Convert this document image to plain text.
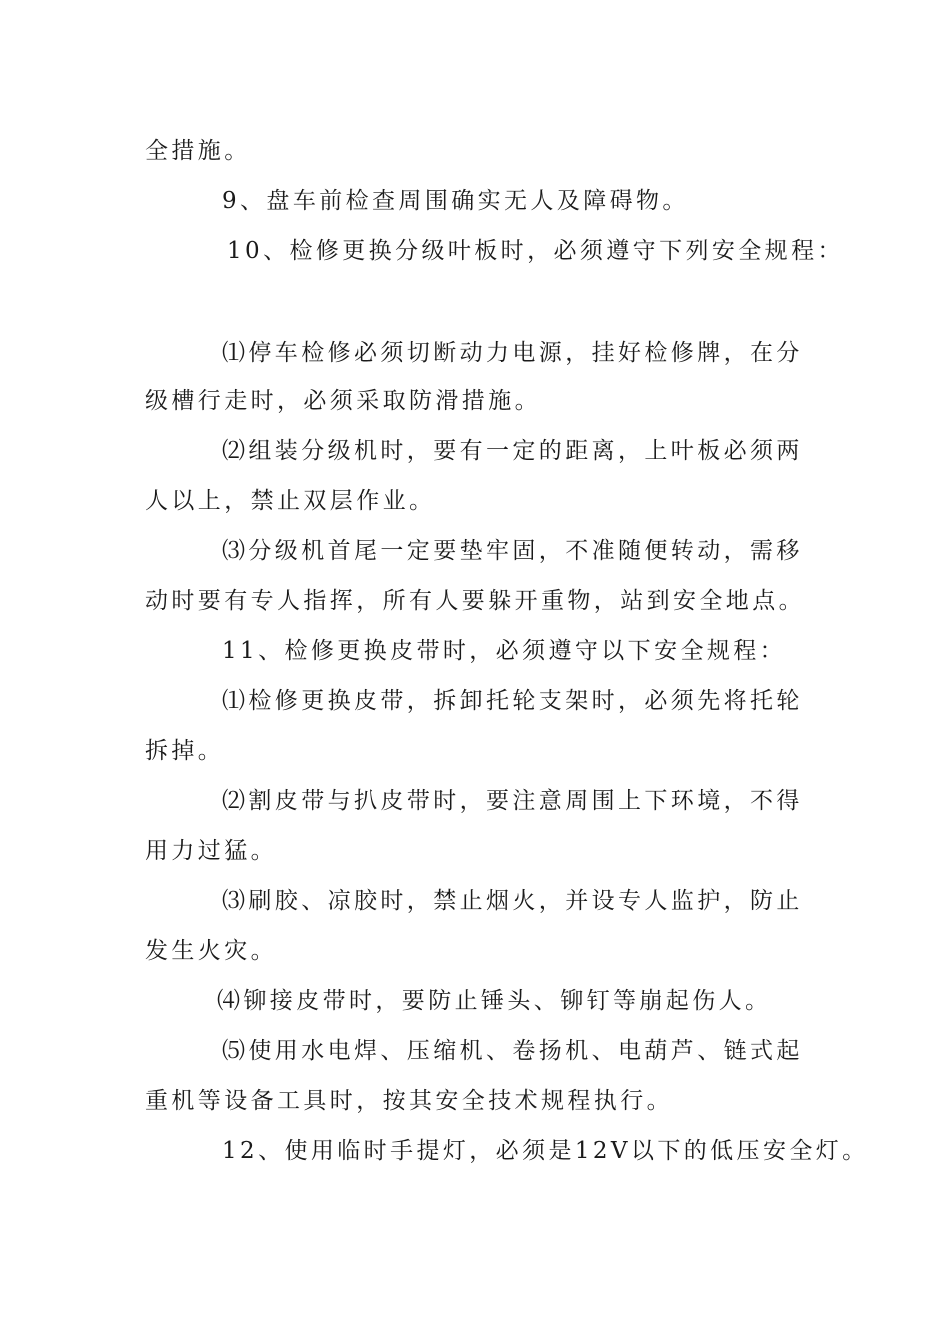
全措施。
9、盘车前检查周围确实无人及障碍物。
10、检修更换分级叶板时，必须遵守下列安全规程：
⑴停车检修必须切断动力电源，挂好检修牌，在分
级槽行走时，必须采取防滑措施。
⑵组装分级机时，要有一定的距离，上叶板必须两
人以上，禁止双层作业。
⑶分级机首尾一定要垫牢固，不准随便转动，需移
动时要有专人指挥，所有人要躲开重物，站到安全地点。
11、检修更换皮带时，必须遵守以下安全规程：
⑴检修更换皮带，拆卸托轮支架时，必须先将托轮
拆掉。
⑵割皮带与扒皮带时，要注意周围上下环境，不得
用力过猛。
⑶刷胶、凉胶时，禁止烟火，并设专人监护，防止
发生火灾。
⑷铆接皮带时，要防止锤头、铆钉等崩起伤人。
⑸使用水电焊、压缩机、卷扬机、电葫芦、链式起
重机等设备工具时，按其安全技术规程执行。
12、使用临时手提灯，必须是12V以下的低压安全灯。
